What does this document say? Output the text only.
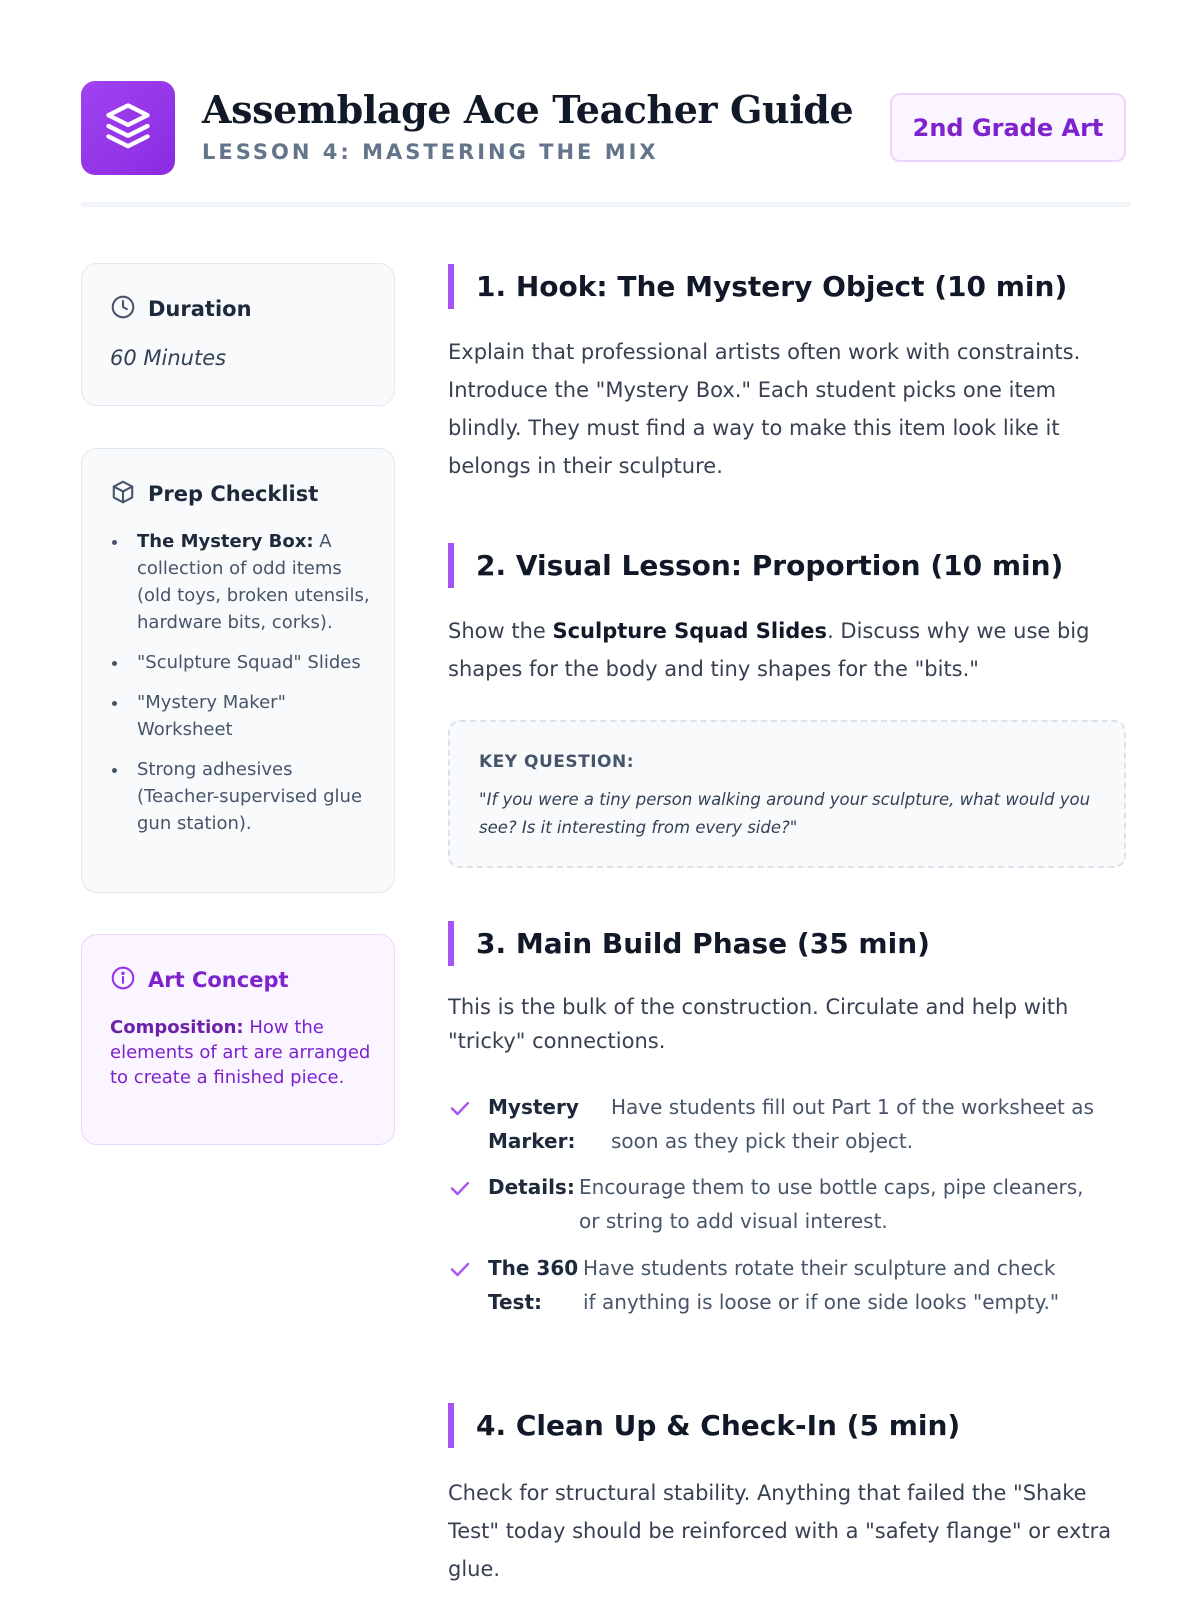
Assemblage Ace Teacher Guide
LESSON 4: MASTERING THE MIX
2nd Grade Art
Duration
60 Minutes
Prep Checklist
The Mystery Box: A collection of odd items (old toys, broken utensils, hardware bits, corks).
"Sculpture Squad" Slides
"Mystery Maker" Worksheet
Strong adhesives (Teacher-supervised glue gun station).
Art Concept
Composition: How the elements of art are arranged to create a finished piece.
1. Hook: The Mystery Object (10 min)
Explain that professional artists often work with constraints. Introduce the "Mystery Box." Each student picks one item blindly. They must find a way to make this item look like it belongs in their sculpture.
2. Visual Lesson: Proportion (10 min)
Show the Sculpture Squad Slides. Discuss why we use big shapes for the body and tiny shapes for the "bits."
KEY QUESTION:
"If you were a tiny person walking around your sculpture, what would you see? Is it interesting from every side?"
3. Main Build Phase (35 min)
This is the bulk of the construction. Circulate and help with "tricky" connections.
Mystery Marker:
Have students fill out Part 1 of the worksheet as soon as they pick their object.
Details: Encourage them to use bottle caps, pipe cleaners, or string to add visual interest.
The 360 Test:
Have students rotate their sculpture and check if anything is loose or if one side looks "empty."
4. Clean Up & Check-In (5 min)
Check for structural stability. Anything that failed the "Shake Test" today should be reinforced with a "safety flange" or extra glue.
